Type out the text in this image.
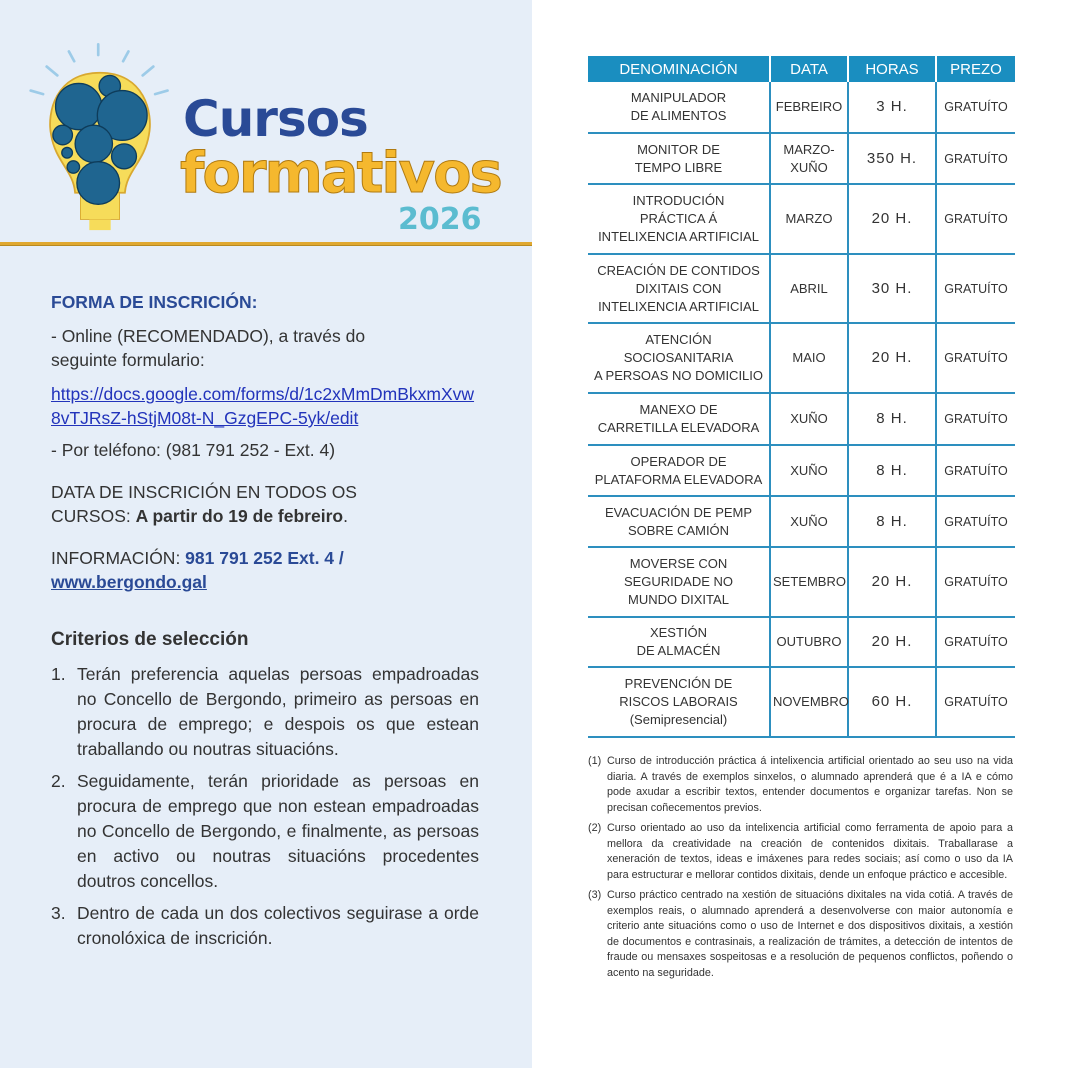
Cursos
formativos
2026
FORMA DE INSCRICIÓN:
- Online (RECOMENDADO), a través do seguinte formulario:
https://docs.google.com/forms/d/1c2xMmDmBkxmXvw8vTJRsZ-hStjM08t-N_GzgEPC-5yk/edit
- Por teléfono: (981 791 252 - Ext. 4)
DATA DE INSCRICIÓN EN TODOS OS CURSOS: A partir do 19 de febreiro.
INFORMACIÓN: 981 791 252 Ext. 4 /
www.bergondo.gal
Criterios de selección
1. Terán preferencia aquelas persoas empadroadas no Concello de Bergondo, primeiro as persoas en procura de emprego; e despois os que estean traballando ou noutras situacións.
2. Seguidamente, terán prioridade as persoas en procura de emprego que non estean empadroadas no Concello de Bergondo, e finalmente, as persoas en activo ou noutras situacións procedentes doutros concellos.
3. Dentro de cada un dos colectivos seguirase a orde cronolóxica de inscrición.
DENOMINACIÓN	DATA	HORAS	PREZO
MANIPULADOR
DE ALIMENTOS	FEBREIRO	3 H.	GRATUÍTO
MONITOR DE
TEMPO LIBRE	MARZO-
XUÑO	350 H.	GRATUÍTO
INTRODUCIÓN
PRÁCTICA Á
INTELIXENCIA ARTIFICIAL	MARZO	20 H.	GRATUÍTO
CREACIÓN DE CONTIDOS
DIXITAIS CON
INTELIXENCIA ARTIFICIAL	ABRIL	30 H.	GRATUÍTO
ATENCIÓN
SOCIOSANITARIA
A PERSOAS NO DOMICILIO	MAIO	20 H.	GRATUÍTO
MANEXO DE
CARRETILLA ELEVADORA	XUÑO	8 H.	GRATUÍTO
OPERADOR DE
PLATAFORMA ELEVADORA	XUÑO	8 H.	GRATUÍTO
EVACUACIÓN DE PEMP
SOBRE CAMIÓN	XUÑO	8 H.	GRATUÍTO
MOVERSE CON
SEGURIDADE NO
MUNDO DIXITAL	SETEMBRO	20 H.	GRATUÍTO
XESTIÓN
DE ALMACÉN	OUTUBRO	20 H.	GRATUÍTO
PREVENCIÓN DE
RISCOS LABORAIS
(Semipresencial)	NOVEMBRO	60 H.	GRATUÍTO

(1) Curso de introducción práctica á intelixencia artificial orientado ao seu uso na vida diaria. A través de exemplos sinxelos, o alumnado aprenderá que é a IA e cómo pode axudar a escribir textos, entender documentos e organizar tarefas. Non se precisan coñecementos previos.

(2) Curso orientado ao uso da intelixencia artificial como ferramenta de apoio para a mellora da creatividade na creación de contenidos dixitais. Traballarase a xeneración de textos, ideas e imáxenes para redes sociais; así como o uso da IA para estructurar e mellorar contidos dixitais, dende un enfoque práctico e accesible.

(3) Curso práctico centrado na xestión de situacións dixitales na vida cotiá. A través de exemplos reais, o alumnado aprenderá a desenvolverse con maior autonomía e criterio ante situacións como o uso de Internet e dos dispositivos dixitais, a xestión de documentos e contrasinais, a realización de trámites, a detección de intentos de fraude ou mensaxes sospeitosas e a resolución de pequenos conflictos, poñendo o acento na seguridade.
